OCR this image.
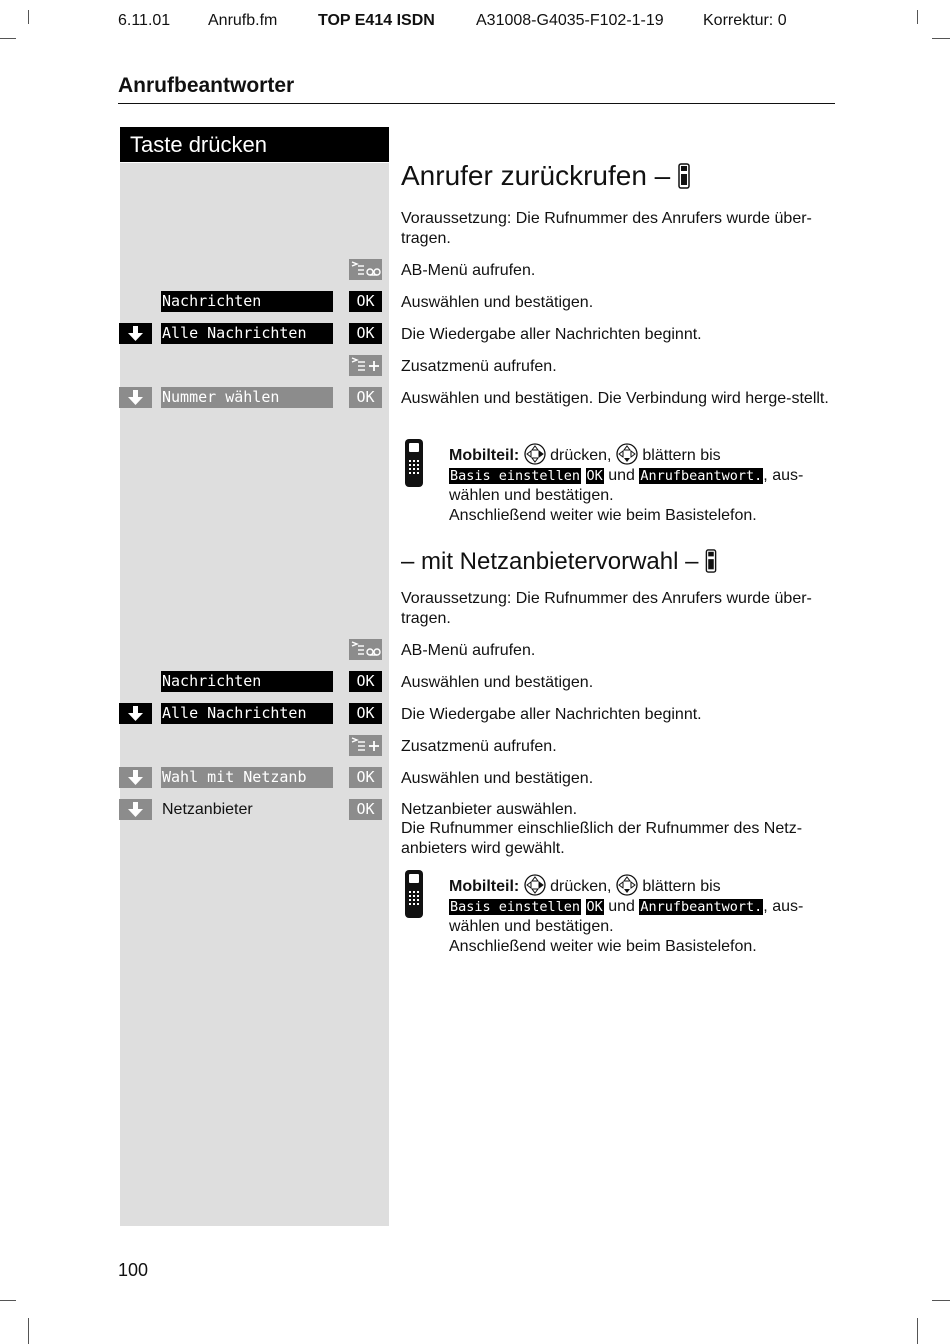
6.11.01 Anrufb.fm	TOP E414 ISDN	A31008-G4035-F102-1-19 Korrektur: 0
Anrufbeantworter
Taste drücken
Anrufer zurückrufen –
Voraussetzung: Die Rufnummer des Anrufers wurde über-tragen.
AB-Menü aufrufen.
Nachrichten	OK	Auswählen und bestätigen.
Alle Nachrichten	OK	Die Wiedergabe aller Nachrichten beginnt.
Zusatzmenü aufrufen.
Nummer wählen	OK	Auswählen und bestätigen. Die Verbindung wird herge-stellt.
Mobilteil: drücken, blättern bis
Basis einstellen OK und Anrufbeantwort., aus-
wählen und bestätigen.
Anschließend weiter wie beim Basistelefon.
– mit Netzanbietervorwahl –
Voraussetzung: Die Rufnummer des Anrufers wurde über-tragen.
AB-Menü aufrufen.
Nachrichten	OK	Auswählen und bestätigen.
Alle Nachrichten	OK	Die Wiedergabe aller Nachrichten beginnt.
Zusatzmenü aufrufen.
Wahl mit Netzanb	OK	Auswählen und bestätigen.
Netzanbieter	OK	Netzanbieter auswählen.
Die Rufnummer einschließlich der Rufnummer des Netz-anbieters wird gewählt.
Mobilteil: drücken, blättern bis
Basis einstellen OK und Anrufbeantwort., aus-
wählen und bestätigen.
Anschließend weiter wie beim Basistelefon.
100
